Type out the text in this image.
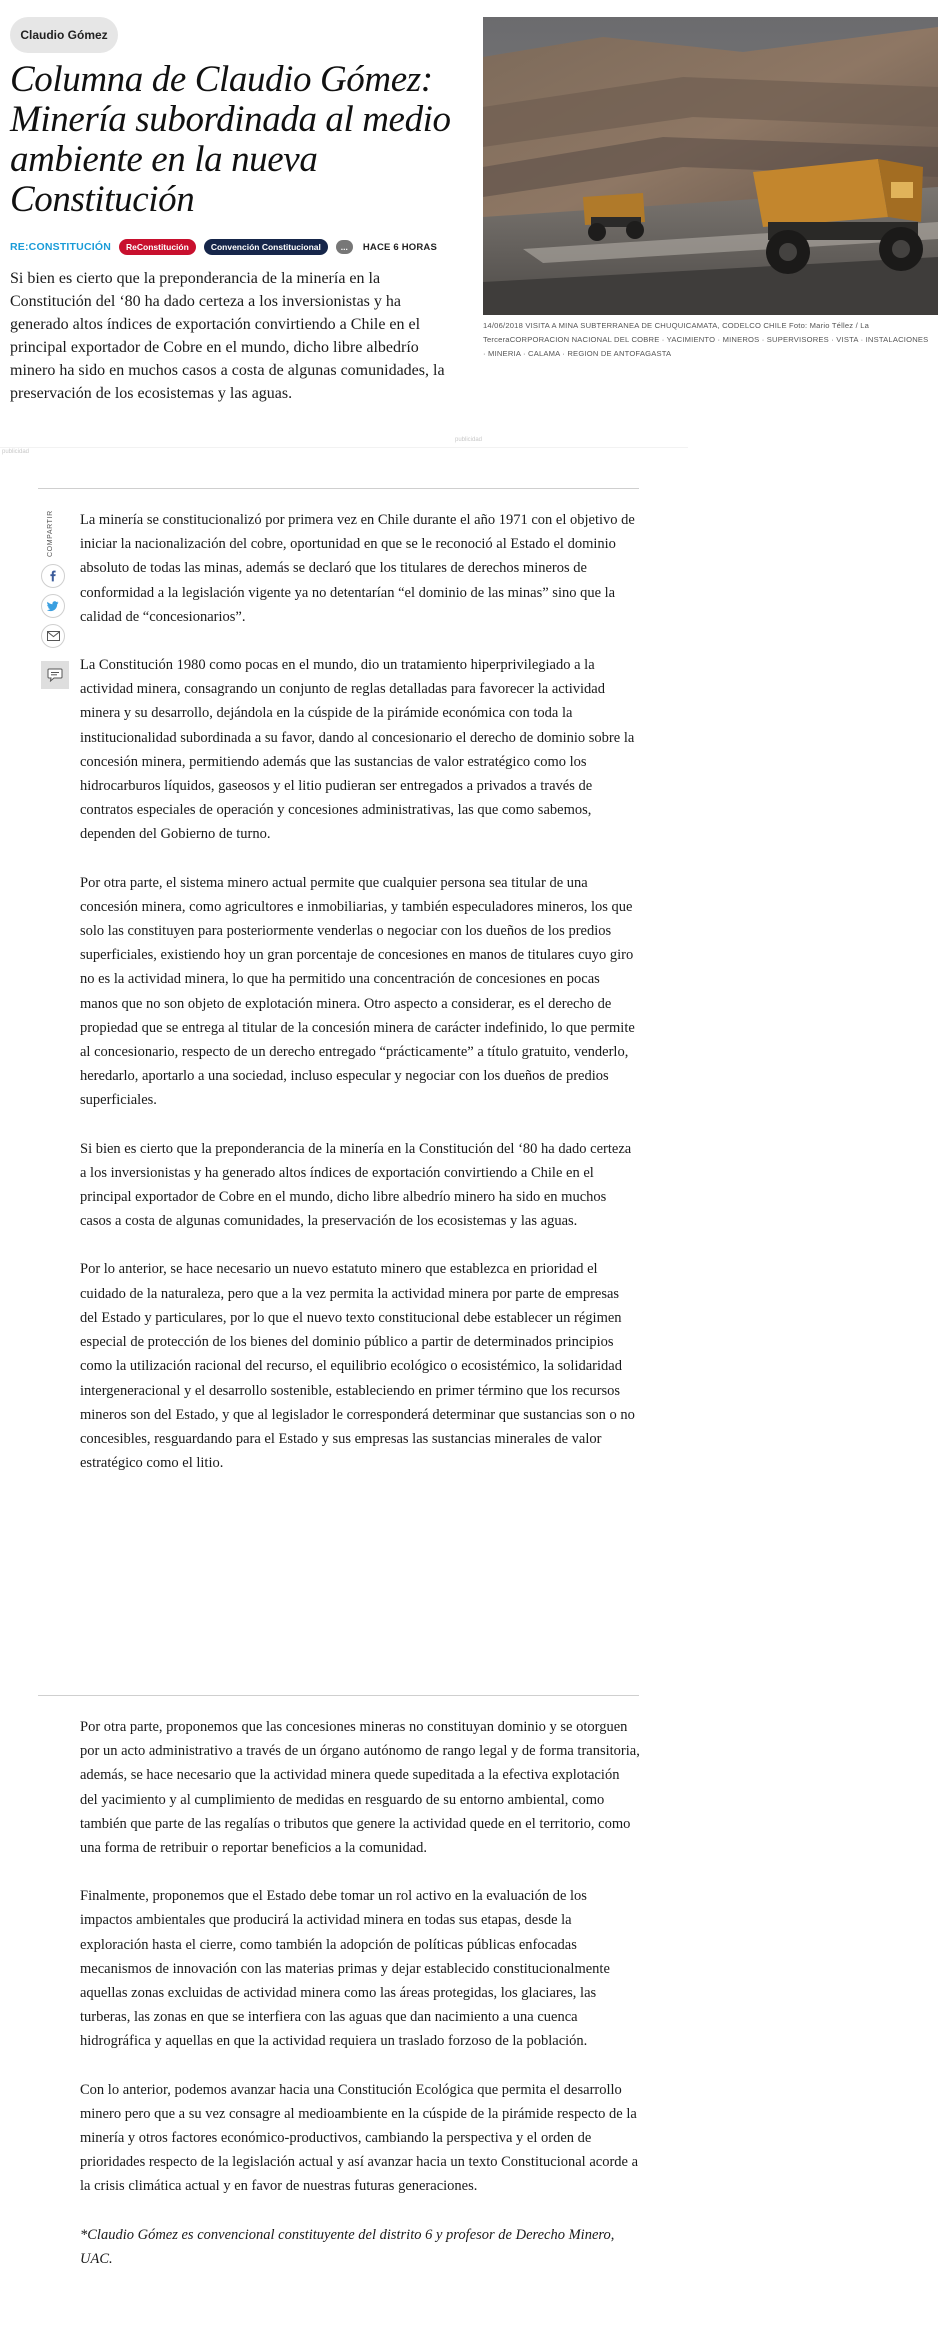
Claudio Gómez
Columna de Claudio Gómez: Minería subordinada al medio ambiente en la nueva Constitución
RE:CONSTITUCIÓN	ReConstitución	Convención Constitucional	...	HACE 6 HORAS

Si bien es cierto que la preponderancia de la minería en la Constitución del ‘80 ha dado certeza a los inversionistas y ha generado altos índices de exportación convirtiendo a Chile en el principal exportador de Cobre en el mundo, dicho libre albedrío minero ha sido en muchos casos a costa de algunas comunidades, la preservación de los ecosistemas y las aguas.

14/06/2018 VISITA A MINA SUBTERRANEA DE CHUQUICAMATA, CODELCO CHILE Foto: Mario Téllez / La TerceraCORPORACION NACIONAL DEL COBRE · YACIMIENTO · MINEROS · SUPERVISORES · VISTA · INSTALACIONES · MINERIA · CALAMA · REGION DE ANTOFAGASTA

publicidad
publicidad
COMPARTIR	La minería se constitucionalizó por primera vez en Chile durante el año 1971 con el objetivo de iniciar la nacionalización del cobre, oportunidad en que se le reconoció al Estado el dominio absoluto de todas las minas, además se declaró que los titulares de derechos mineros de conformidad a la legislación vigente ya no detentarían “el dominio de las minas” sino que la calidad de “concesionarios”.

La Constitución 1980 como pocas en el mundo, dio un tratamiento hiperprivilegiado a la actividad minera, consagrando un conjunto de reglas detalladas para favorecer la actividad minera y su desarrollo, dejándola en la cúspide de la pirámide económica con toda la institucionalidad subordinada a su favor, dando al concesionario el derecho de dominio sobre la concesión minera, permitiendo además que las sustancias de valor estratégico como los hidrocarburos líquidos, gaseosos y el litio pudieran ser entregados a privados a través de contratos especiales de operación y concesiones administrativas, las que como sabemos, dependen del Gobierno de turno.

Por otra parte, el sistema minero actual permite que cualquier persona sea titular de una concesión minera, como agricultores e inmobiliarias, y también especuladores mineros, los que solo las constituyen para posteriormente venderlas o negociar con los dueños de los predios superficiales, existiendo hoy un gran porcentaje de concesiones en manos de titulares cuyo giro no es la actividad minera, lo que ha permitido una concentración de concesiones en pocas manos que no son objeto de explotación minera. Otro aspecto a considerar, es el derecho de propiedad que se entrega al titular de la concesión minera de carácter indefinido, lo que permite al concesionario, respecto de un derecho entregado “prácticamente” a título gratuito, venderlo, heredarlo, aportarlo a una sociedad, incluso especular y negociar con los dueños de predios superficiales.

Si bien es cierto que la preponderancia de la minería en la Constitución del ‘80 ha dado certeza a los inversionistas y ha generado altos índices de exportación convirtiendo a Chile en el principal exportador de Cobre en el mundo, dicho libre albedrío minero ha sido en muchos casos a costa de algunas comunidades, la preservación de los ecosistemas y las aguas.

Por lo anterior, se hace necesario un nuevo estatuto minero que establezca en prioridad el cuidado de la naturaleza, pero que a la vez permita la actividad minera por parte de empresas del Estado y particulares, por lo que el nuevo texto constitucional debe establecer un régimen especial de protección de los bienes del dominio público a partir de determinados principios como la utilización racional del recurso, el equilibrio ecológico o ecosistémico, la solidaridad intergeneracional y el desarrollo sostenible, estableciendo en primer término que los recursos mineros son del Estado, y que al legislador le corresponderá determinar que sustancias son o no concesibles, resguardando para el Estado y sus empresas las sustancias minerales de valor estratégico como el litio.

Por otra parte, proponemos que las concesiones mineras no constituyan dominio y se otorguen por un acto administrativo a través de un órgano autónomo de rango legal y de forma transitoria, además, se hace necesario que la actividad minera quede supeditada a la efectiva explotación del yacimiento y al cumplimiento de medidas en resguardo de su entorno ambiental, como también que parte de las regalías o tributos que genere la actividad quede en el territorio, como una forma de retribuir o reportar beneficios a la comunidad.

Finalmente, proponemos que el Estado debe tomar un rol activo en la evaluación de los impactos ambientales que producirá la actividad minera en todas sus etapas, desde la exploración hasta el cierre, como también la adopción de políticas públicas enfocadas mecanismos de innovación con las materias primas y dejar establecido constitucionalmente aquellas zonas excluidas de actividad minera como las áreas protegidas, los glaciares, las turberas, las zonas en que se interfiera con las aguas que dan nacimiento a una cuenca hidrográfica y aquellas en que la actividad requiera un traslado forzoso de la población.

Con lo anterior, podemos avanzar hacia una Constitución Ecológica que permita el desarrollo minero pero que a su vez consagre al medioambiente en la cúspide de la pirámide respecto de la minería y otros factores económico-productivos, cambiando la perspectiva y el orden de prioridades respecto de la legislación actual y así avanzar hacia un texto Constitucional acorde a la crisis climática actual y en favor de nuestras futuras generaciones.

*Claudio Gómez es convencional constituyente del distrito 6 y profesor de Derecho Minero, UAC.
